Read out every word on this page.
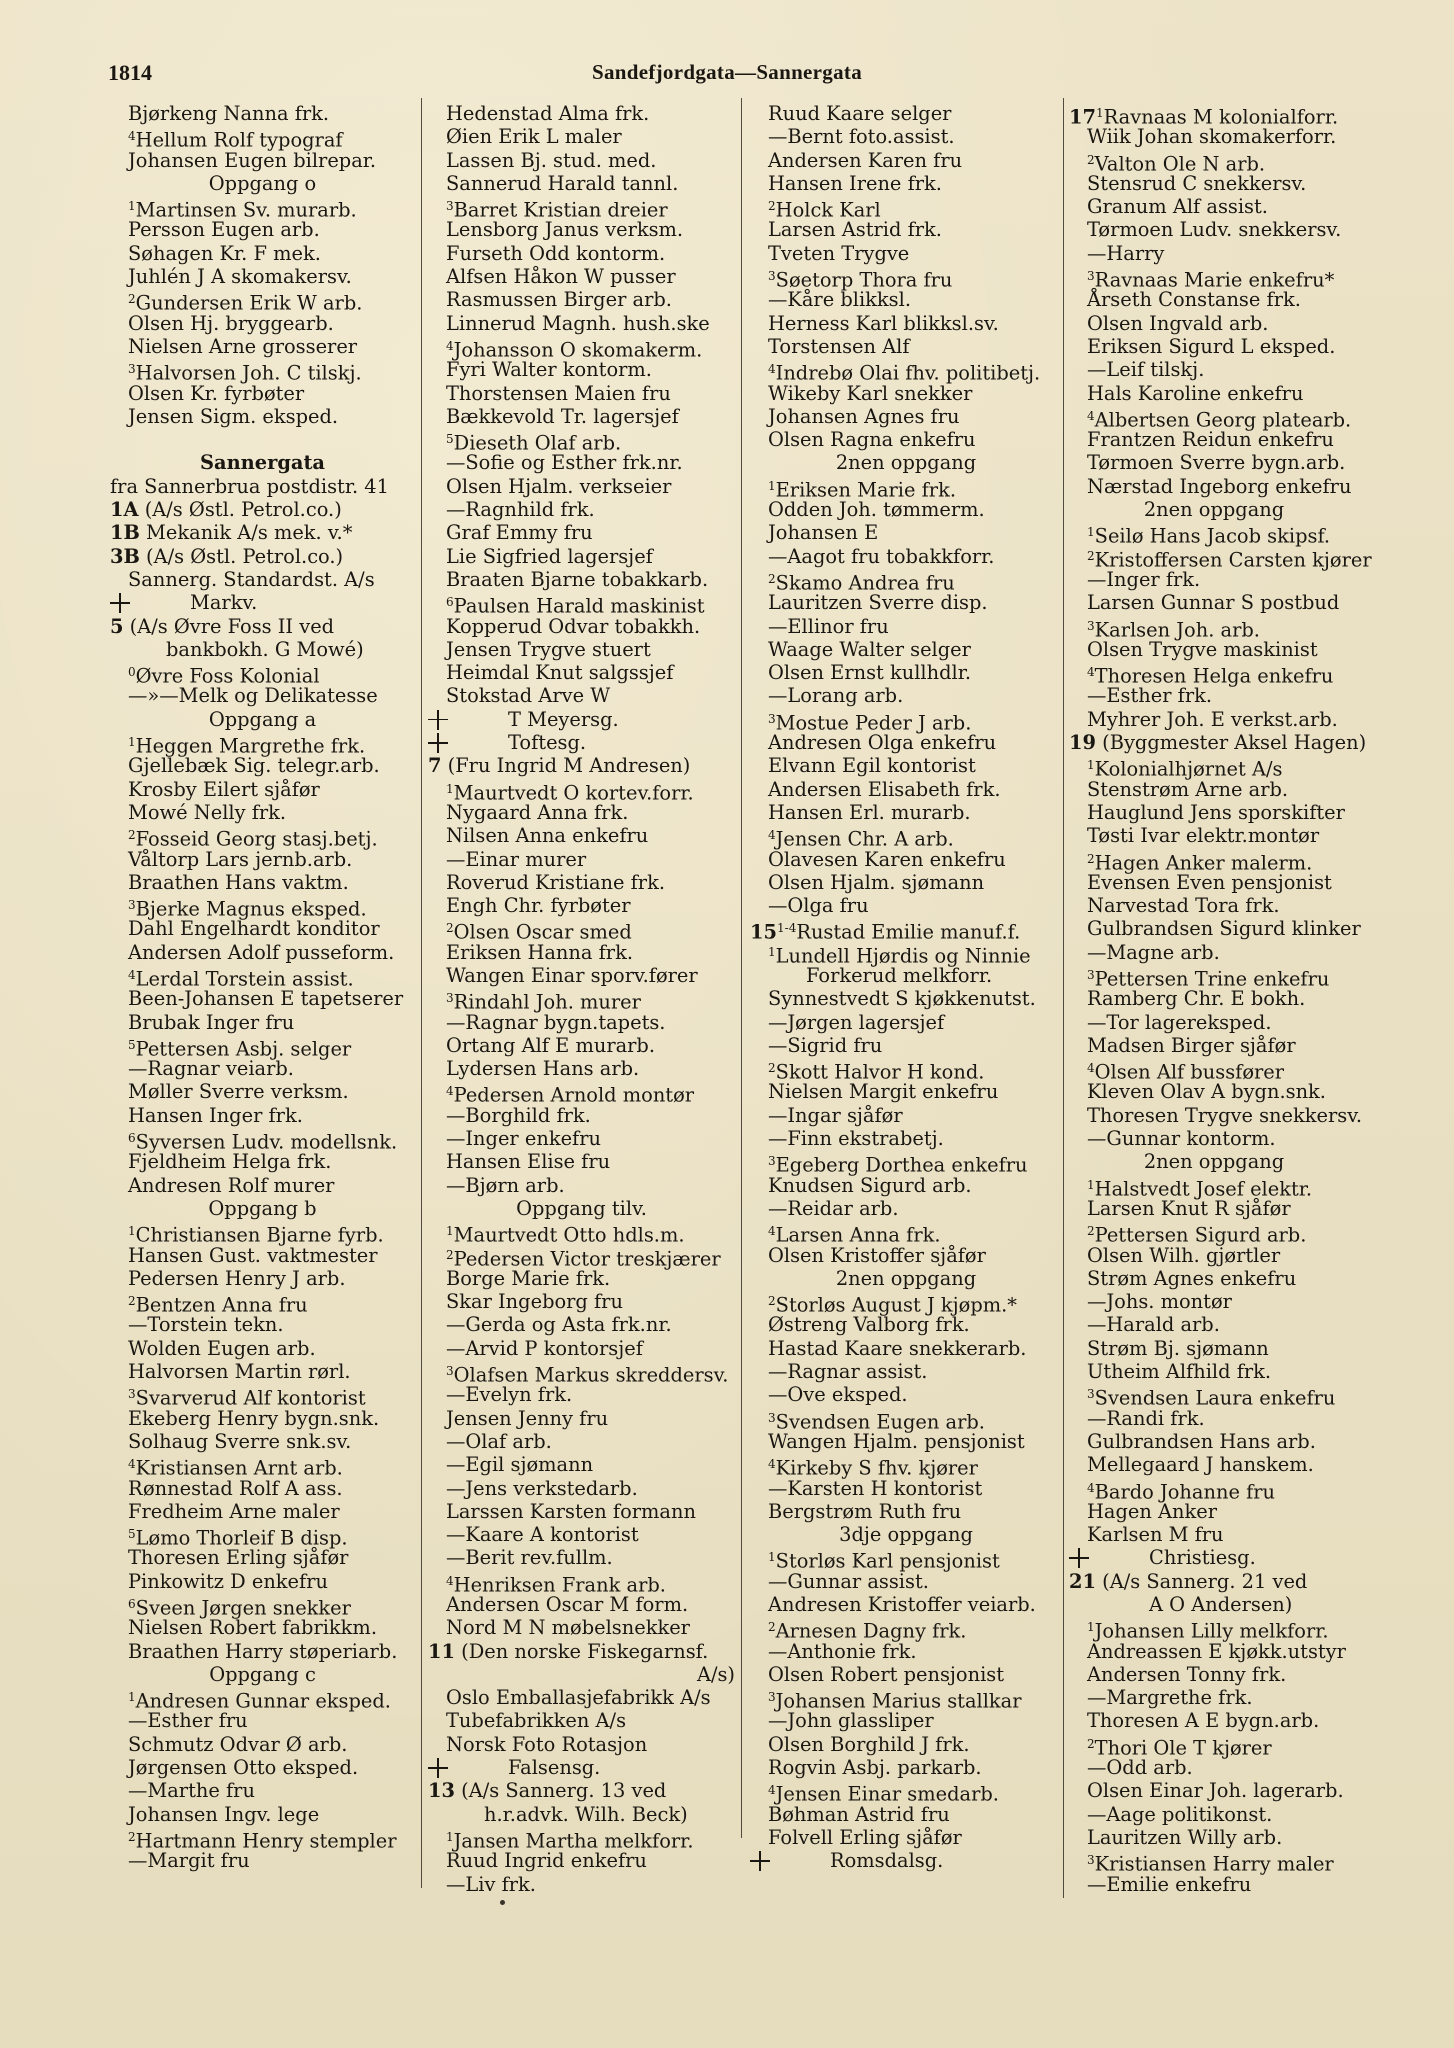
1814	Sandefjordgata—Sannergata
Bjørkeng Nanna frk.
$^4$Hellum Rolf typograf
Johansen Eugen bilrepar.
Oppgang o
$^1$Martinsen Sv. murarb.
Persson Eugen arb.
Søhagen Kr. F mek.
Juhlén J A skomakersv.
$^2$Gundersen Erik W arb.
Olsen Hj. bryggearb.
Nielsen Arne grosserer
$^3$Halvorsen Joh. C tilskj.
Olsen Kr. fyrbøter
Jensen Sigm. eksped.
Sannergata
fra Sannerbrua postdistr. 41
1A (A/s Østl. Petrol.co.)
1B Mekanik A/s mek. v.*
3B (A/s Østl. Petrol.co.)
Sannerg. Standardst. A/s
Markv.
5 (A/s Øvre Foss II ved
bankbokh. G Mowé)
$^0$Øvre Foss Kolonial
—»—Melk og Delikatesse
Oppgang a
$^1$Heggen Margrethe frk.
Gjellebæk Sig. telegr.arb.
Krosby Eilert sjåfør
Mowé Nelly frk.
$^2$Fosseid Georg stasj.betj.
Våltorp Lars jernb.arb.
Braathen Hans vaktm.
$^3$Bjerke Magnus eksped.
Dahl Engelhardt konditor
Andersen Adolf pusseform.
$^4$Lerdal Torstein assist.
Been-Johansen E tapetserer
Brubak Inger fru
$^5$Pettersen Asbj. selger
—Ragnar veiarb.
Møller Sverre verksm.
Hansen Inger frk.
$^6$Syversen Ludv. modellsnk.
Fjeldheim Helga frk.
Andresen Rolf murer
Oppgang b
$^1$Christiansen Bjarne fyrb.
Hansen Gust. vaktmester
Pedersen Henry J arb.
$^2$Bentzen Anna fru
—Torstein tekn.
Wolden Eugen arb.
Halvorsen Martin rørl.
$^3$Svarverud Alf kontorist
Ekeberg Henry bygn.snk.
Solhaug Sverre snk.sv.
$^4$Kristiansen Arnt arb.
Rønnestad Rolf A ass.
Fredheim Arne maler
$^5$Lømo Thorleif B disp.
Thoresen Erling sjåfør
Pinkowitz D enkefru
$^6$Sveen Jørgen snekker
Nielsen Robert fabrikkm.
Braathen Harry støperiarb.
Oppgang c
$^1$Andresen Gunnar eksped.
—Esther fru
Schmutz Odvar Ø arb.
Jørgensen Otto eksped.
—Marthe fru
Johansen Ingv. lege
$^2$Hartmann Henry stempler
—Margit fru
Hedenstad Alma frk.
Øien Erik L maler
Lassen Bj. stud. med.
Sannerud Harald tannl.
$^3$Barret Kristian dreier
Lensborg Janus verksm.
Furseth Odd kontorm.
Alfsen Håkon W pusser
Rasmussen Birger arb.
Linnerud Magnh. hush.ske
$^4$Johansson O skomakerm.
Fyri Walter kontorm.
Thorstensen Maien fru
Bækkevold Tr. lagersjef
$^5$Dieseth Olaf arb.
—Sofie og Esther frk.nr.
Olsen Hjalm. verkseier
—Ragnhild frk.
Graf Emmy fru
Lie Sigfried lagersjef
Braaten Bjarne tobakkarb.
$^6$Paulsen Harald maskinist
Kopperud Odvar tobakkh.
Jensen Trygve stuert
Heimdal Knut salgssjef
Stokstad Arve W
T Meyersg.
Toftesg.
7 (Fru Ingrid M Andresen)
$^1$Maurtvedt O kortev.forr.
Nygaard Anna frk.
Nilsen Anna enkefru
—Einar murer
Roverud Kristiane frk.
Engh Chr. fyrbøter
$^2$Olsen Oscar smed
Eriksen Hanna frk.
Wangen Einar sporv.fører
$^3$Rindahl Joh. murer
—Ragnar bygn.tapets.
Ortang Alf E murarb.
Lydersen Hans arb.
$^4$Pedersen Arnold montør
—Borghild frk.
—Inger enkefru
Hansen Elise fru
—Bjørn arb.
Oppgang tilv.
$^1$Maurtvedt Otto hdls.m.
$^2$Pedersen Victor treskjærer
Borge Marie frk.
Skar Ingeborg fru
—Gerda og Asta frk.nr.
—Arvid P kontorsjef
$^3$Olafsen Markus skreddersv.
—Evelyn frk.
Jensen Jenny fru
—Olaf arb.
—Egil sjømann
—Jens verkstedarb.
Larssen Karsten formann
—Kaare A kontorist
—Berit rev.fullm.
$^4$Henriksen Frank arb.
Andersen Oscar M form.
Nord M N møbelsnekker
11 (Den norske Fiskegarnsf.
A/s)
Oslo Emballasjefabrikk A/s
Tubefabrikken A/s
Norsk Foto Rotasjon
Falsensg.
13 (A/s Sannerg. 13 ved
h.r.advk. Wilh. Beck)
$^1$Jansen Martha melkforr.
Ruud Ingrid enkefru
—Liv frk.
Ruud Kaare selger
—Bernt foto.assist.
Andersen Karen fru
Hansen Irene frk.
$^2$Holck Karl
Larsen Astrid frk.
Tveten Trygve
$^3$Søetorp Thora fru
—Kåre blikksl.
Herness Karl blikksl.sv.
Torstensen Alf
$^4$Indrebø Olai fhv. politibetj.
Wikeby Karl snekker
Johansen Agnes fru
Olsen Ragna enkefru
2nen oppgang
$^1$Eriksen Marie frk.
Odden Joh. tømmerm.
Johansen E
—Aagot fru tobakkforr.
$^2$Skamo Andrea fru
Lauritzen Sverre disp.
—Ellinor fru
Waage Walter selger
Olsen Ernst kullhdlr.
—Lorang arb.
$^3$Mostue Peder J arb.
Andresen Olga enkefru
Elvann Egil kontorist
Andersen Elisabeth frk.
Hansen Erl. murarb.
$^4$Jensen Chr. A arb.
Olavesen Karen enkefru
Olsen Hjalm. sjømann
—Olga fru
15$^{1-4}$Rustad Emilie manuf.f.
$^1$Lundell Hjørdis og Ninnie
Forkerud melkforr.
Synnestvedt S kjøkkenutst.
—Jørgen lagersjef
—Sigrid fru
$^2$Skott Halvor H kond.
Nielsen Margit enkefru
—Ingar sjåfør
—Finn ekstrabetj.
$^3$Egeberg Dorthea enkefru
Knudsen Sigurd arb.
—Reidar arb.
$^4$Larsen Anna frk.
Olsen Kristoffer sjåfør
2nen oppgang
$^2$Storløs August J kjøpm.*
Østreng Valborg frk.
Hastad Kaare snekkerarb.
—Ragnar assist.
—Ove eksped.
$^3$Svendsen Eugen arb.
Wangen Hjalm. pensjonist
$^4$Kirkeby S fhv. kjører
—Karsten H kontorist
Bergstrøm Ruth fru
3dje oppgang
$^1$Storløs Karl pensjonist
—Gunnar assist.
Andresen Kristoffer veiarb.
$^2$Arnesen Dagny frk.
—Anthonie frk.
Olsen Robert pensjonist
$^3$Johansen Marius stallkar
—John glassliper
Olsen Borghild J frk.
Rogvin Asbj. parkarb.
$^4$Jensen Einar smedarb.
Bøhman Astrid fru
Folvell Erling sjåfør
Romsdalsg.
$17^1Ravnaas$ M kolonialforr.
Wiik Johan skomakerforr.
$^2$Valton Ole N arb.
Stensrud C snekkersv.
Granum Alf assist.
Tørmoen Ludv. snekkersv.
—Harry
$^3$Ravnaas Marie enkefru*
Årseth Constanse frk.
Olsen Ingvald arb.
Eriksen Sigurd L eksped.
—Leif tilskj.
Hals Karoline enkefru
$^4$Albertsen Georg platearb.
Frantzen Reidun enkefru
Tørmoen Sverre bygn.arb.
Nærstad Ingeborg enkefru
2nen oppgang
$^1$Seilø Hans Jacob skipsf.
$^2$Kristoffersen Carsten kjører
—Inger frk.
Larsen Gunnar S postbud
$^3$Karlsen Joh. arb.
Olsen Trygve maskinist
$^4$Thoresen Helga enkefru
—Esther frk.
Myhrer Joh. E verkst.arb.
19 (Byggmester Aksel Hagen)
$^1$Kolonialhjørnet A/s
Stenstrøm Arne arb.
Hauglund Jens sporskifter
Tøsti Ivar elektr.montør
$^2$Hagen Anker malerm.
Evensen Even pensjonist
Narvestad Tora frk.
Gulbrandsen Sigurd klinker
—Magne arb.
$^3$Pettersen Trine enkefru
Ramberg Chr. E bokh.
—Tor lagereksped.
Madsen Birger sjåfør
$^4$Olsen Alf bussfører
Kleven Olav A bygn.snk.
Thoresen Trygve snekkersv.
—Gunnar kontorm.
2nen oppgang
$^1$Halstvedt Josef elektr.
Larsen Knut R sjåfør
$^2$Pettersen Sigurd arb.
Olsen Wilh. gjørtler
Strøm Agnes enkefru
—Johs. montør
—Harald arb.
Strøm Bj. sjømann
Utheim Alfhild frk.
$^3$Svendsen Laura enkefru
—Randi frk.
Gulbrandsen Hans arb.
Mellegaard J hanskem.
$^4$Bardo Johanne fru
Hagen Anker
Karlsen M fru
Christiesg.
21 (A/s Sannerg. 21 ved
A O Andersen)
$^1$Johansen Lilly melkforr.
Andreassen E kjøkk.utstyr
Andersen Tonny frk.
—Margrethe frk.
Thoresen A E bygn.arb.
$^2$Thori Ole T kjører
—Odd arb.
Olsen Einar Joh. lagerarb.
—Aage politikonst.
Lauritzen Willy arb.
$^3$Kristiansen Harry maler
—Emilie enkefru
